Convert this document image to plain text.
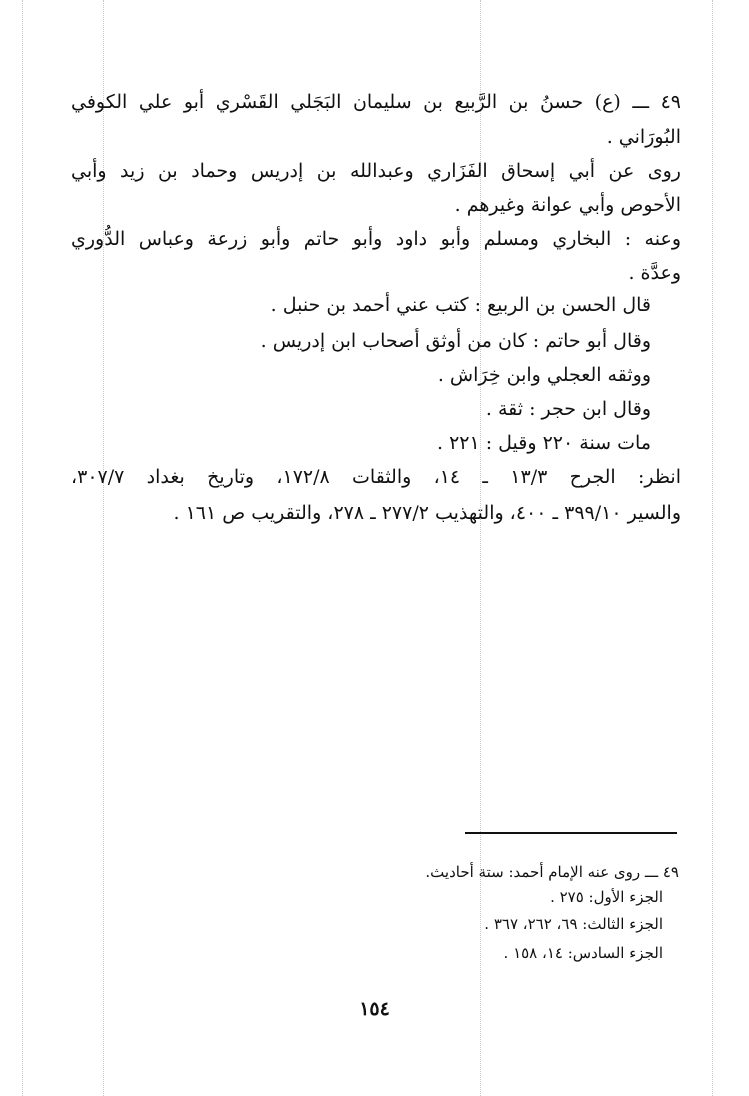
٤٩ ـــ (ع) حسنُ بن الرَّبيع بن سليمان البَجَلي القَسْري أبو علي الكوفي
البُورَاني .
روى عن أبي إسحاق الفَزَاري وعبدالله بن إدريس وحماد بن زيد وأبي
الأحوص وأبي عوانة وغيرهم .
وعنه : البخاري ومسلم وأبو داود وأبو حاتم وأبو زرعة وعباس الدُّوري
وعدَّة .
قال الحسن بن الربيع : كتب عني أحمد بن حنبل .
وقال أبو حاتم : كان من أوثق أصحاب ابن إدريس .
ووثقه العجلي وابن خِرَاش .
وقال ابن حجر : ثقة .
مات سنة ٢٢٠ وقيل : ٢٢١ .
انظر: الجرح ١٣/٣ ـ ١٤، والثقات ١٧٢/٨، وتاريخ بغداد ٣٠٧/٧،
والسير ٣٩٩/١٠ ـ ٤٠٠، والتهذيب ٢٧٧/٢ ـ ٢٧٨، والتقريب ص ١٦١ .
٤٩ ـــ روى عنه الإمام أحمد: ستة أحاديث.
الجزء الأول: ٢٧٥ .
الجزء الثالث: ٦٩، ٢٦٢، ٣٦٧ .
الجزء السادس: ١٤، ١٥٨ .
١٥٤
